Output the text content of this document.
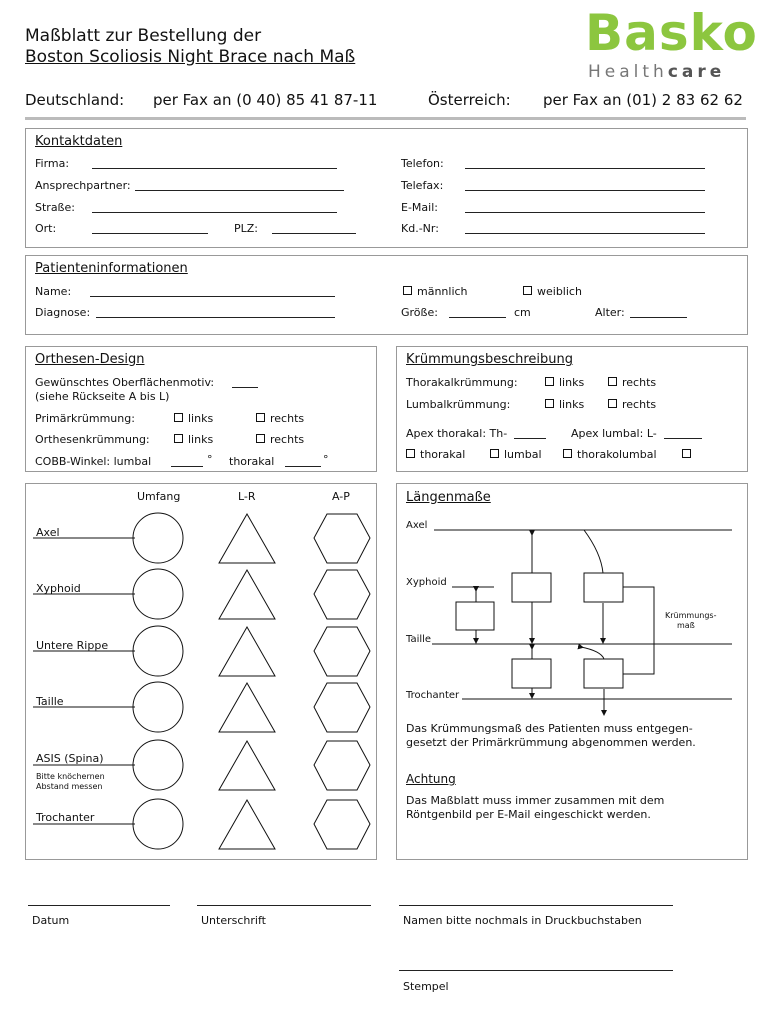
Maßblatt zur Bestellung der
Boston Scoliosis Night Brace nach Maß	Basko
Healthcare
Deutschland: per Fax an (0 40) 85 41 87-11	Österreich: per Fax an (01) 2 83 62 62
Kontaktdaten
Firma:
Ansprechpartner:
Straße:
Ort:	PLZ:
Telefon:
Telefax:
E-Mail:
Kd.-Nr:
Patienteninformationen
Name:
Diagnose:
männlich	weiblich
Größe:	cm	Alter:
Orthesen-Design
Gewünschtes Oberflächenmotiv:
(siehe Rückseite A bis L)
Primärkrümmung:	links	rechts
Orthesenkrümmung:	links	rechts
COBB-Winkel: lumbal	° thorakal	°
Krümmungsbeschreibung
Thorakalkrümmung:	links	rechts
Lumbalkrümmung:	links	rechts
Apex thorakal: Th-	Apex lumbal: L-
thorakal	lumbal	thorakolumbal
Umfang	L-R	A-P
Axel
Xyphoid
Untere Rippe
Taille
ASIS (Spina)
Bitte knöchernen
Abstand messen
Trochanter
Längenmaße
Axel
Xyphoid
Taille
Trochanter
Krümmungs-
maß
Das Krümmungsmaß des Patienten muss entgegen-
gesetzt der Primärkrümmung abgenommen werden.
Achtung
Das Maßblatt muss immer zusammen mit dem
Röntgenbild per E-Mail eingeschickt werden.
Datum	Unterschrift	Namen bitte nochmals in Druckbuchstaben
Stempel
